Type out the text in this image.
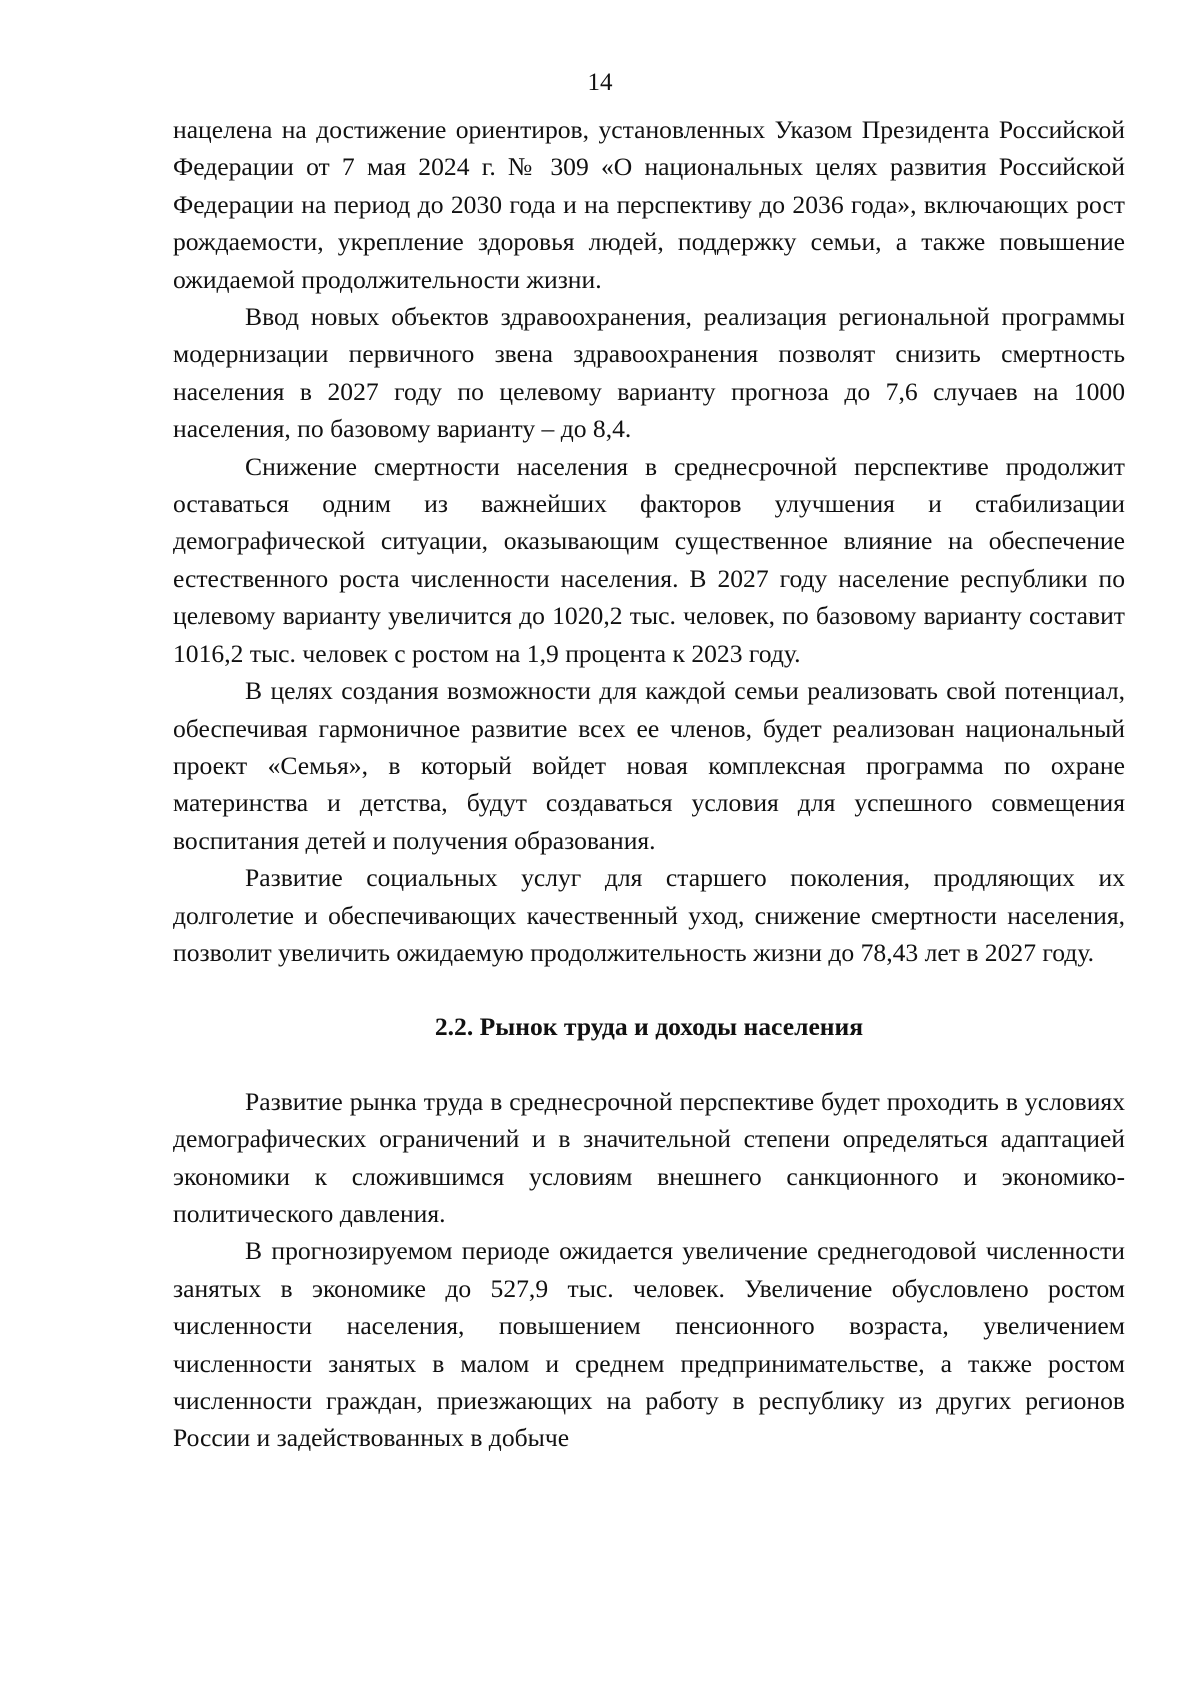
14

нацелена на достижение ориентиров, установленных Указом Президента Российской Федерации от 7 мая 2024 г. № 309 «О национальных целях развития Российской Федерации на период до 2030 года и на перспективу до 2036 года», включающих рост рождаемости, укрепление здоровья людей, поддержку семьи, а также повышение ожидаемой продолжительности жизни.

Ввод новых объектов здравоохранения, реализация региональной программы модернизации первичного звена здравоохранения позволят снизить смертность населения в 2027 году по целевому варианту прогноза до 7,6 случаев на 1000 населения, по базовому варианту – до 8,4.

Снижение смертности населения в среднесрочной перспективе продолжит оставаться одним из важнейших факторов улучшения и стабилизации демографической ситуации, оказывающим существенное влияние на обеспечение естественного роста численности населения. В 2027 году население республики по целевому варианту увеличится до 1020,2 тыс. человек, по базовому варианту составит 1016,2 тыс. человек с ростом на 1,9 процента к 2023 году.

В целях создания возможности для каждой семьи реализовать свой потенциал, обеспечивая гармоничное развитие всех ее членов, будет реализован национальный проект «Семья», в который войдет новая комплексная программа по охране материнства и детства, будут создаваться условия для успешного совмещения воспитания детей и получения образования.

Развитие социальных услуг для старшего поколения, продляющих их долголетие и обеспечивающих качественный уход, снижение смертности населения, позволит увеличить ожидаемую продолжительность жизни до 78,43 лет в 2027 году.

2.2. Рынок труда и доходы населения

Развитие рынка труда в среднесрочной перспективе будет проходить в условиях демографических ограничений и в значительной степени определяться адаптацией экономики к сложившимся условиям внешнего санкционного и экономико-политического давления.

В прогнозируемом периоде ожидается увеличение среднегодовой численности занятых в экономике до 527,9 тыс. человек. Увеличение обусловлено ростом численности населения, повышением пенсионного возраста, увеличением численности занятых в малом и среднем предпринимательстве, а также ростом численности граждан, приезжающих на работу в республику из других регионов России и задействованных в добыче
